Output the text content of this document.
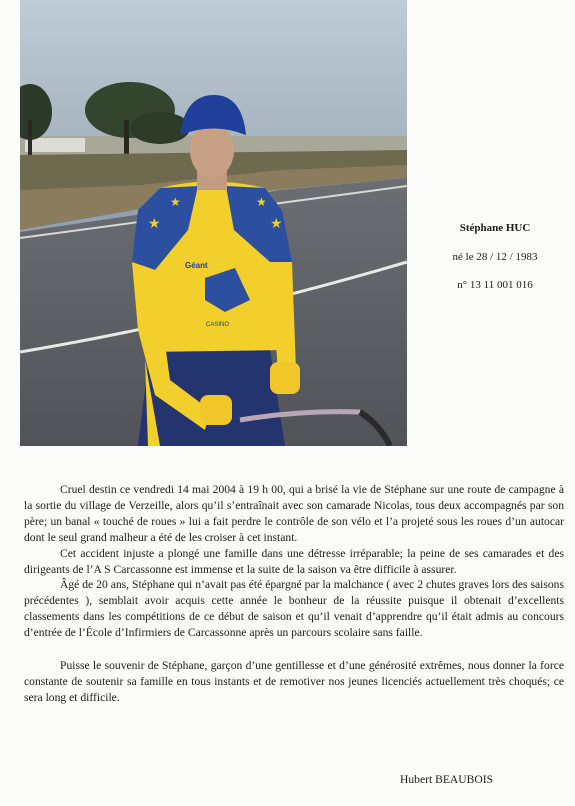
★
★	★
★
Géant
CASINO
Stéphane HUC
né le 28 / 12 / 1983
n° 13 11 001 016

Cruel destin ce vendredi 14 mai 2004 à 19 h 00, qui a brisé la vie de Stéphane sur une route de campagne à la sortie du village de Verzeille, alors qu’il s’entraînait avec son camarade Nicolas, tous deux accompagnés par son père; un banal « touché de roues » lui a fait perdre le contrôle de son vélo et l’a projeté sous les roues d’un autocar dont le seul grand malheur a été de les croiser à cet instant.

Cet accident injuste a plongé une famille dans une détresse irréparable; la peine de ses camarades et des dirigeants de l’A S Carcassonne est immense et la suite de la saison va être difficile à assurer.

Âgé de 20 ans, Stéphane qui n’avait pas été épargné par la malchance ( avec 2 chutes graves lors des saisons précédentes ), semblait avoir acquis cette année le bonheur de la réussite puisque il obtenait d’excellents classements dans les compétitions de ce début de saison et qu’il venait d’apprendre qu’il était admis au concours d’entrée de l’École d’Infirmiers de Carcassonne après un parcours scolaire sans faille.

Puisse le souvenir de Stéphane, garçon d’une gentillesse et d’une générosité extrêmes, nous donner la force constante de soutenir sa famille en tous instants et de remotiver nos jeunes licenciés actuellement très choqués; ce sera long et difficile.

Hubert BEAUBOIS
